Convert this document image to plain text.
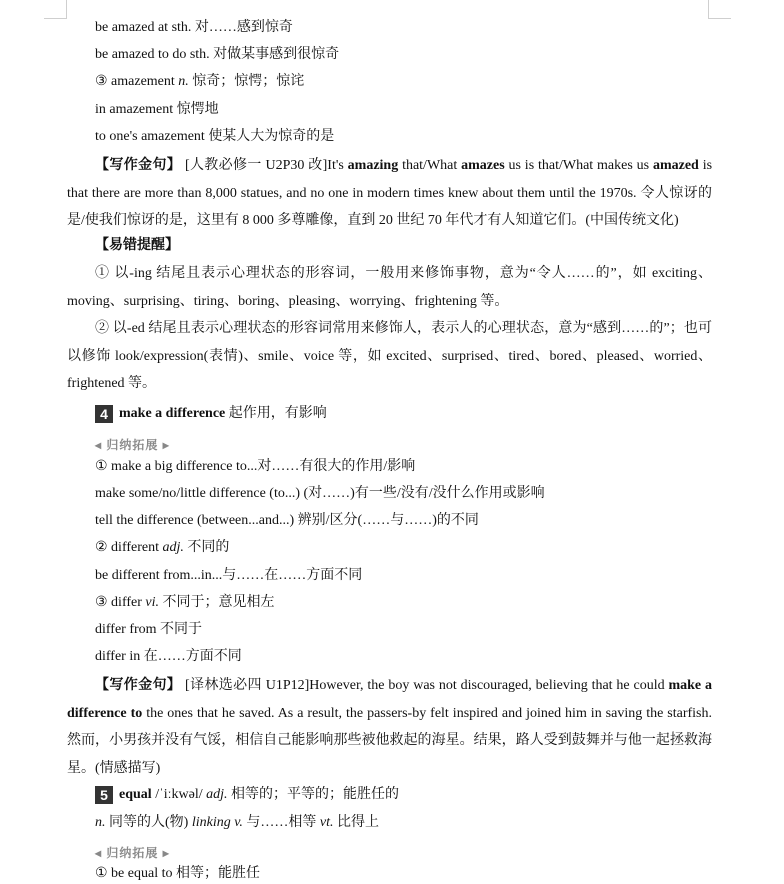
be amazed at sth. 对……感到惊奇
be amazed to do sth. 对做某事感到很惊奇
③ amazement n. 惊奇；惊愕；惊诧
in amazement 惊愕地
to one's amazement 使某人大为惊奇的是
【写作金句】 [人教必修一 U2P30 改]It's amazing that/What amazes us is that/What makes us amazed is that there are more than 8,000 statues, and no one in modern times knew about them until the 1970s. 令人惊讶的是/使我们惊讶的是，这里有 8 000 多尊雕像，直到 20 世纪 70 年代才有人知道它们。(中国传统文化)
【易错提醒】
① 以-ing 结尾且表示心理状态的形容词，一般用来修饰事物，意为“令人……的”，如 exciting、moving、surprising、tiring、boring、pleasing、worrying、frightening 等。
② 以-ed 结尾且表示心理状态的形容词常用来修饰人，表示人的心理状态，意为“感到……的”；也可以修饰 look/expression(表情)、smile、voice 等，如 excited、surprised、tired、bored、pleased、worried、frightened 等。
4 make a difference 起作用，有影响
◂ 归纳拓展 ▸
① make a big difference to...对……有很大的作用/影响
make some/no/little difference (to...) (对……)有一些/没有/没什么作用或影响
tell the difference (between...and...) 辨别/区分(……与……)的不同
② different adj. 不同的
be different from...in...与……在……方面不同
③ differ vi. 不同于；意见相左
differ from 不同于
differ in 在……方面不同
【写作金句】 [译林选必四 U1P12]However, the boy was not discouraged, believing that he could make a difference to the ones that he saved. As a result, the passers-by felt inspired and joined him in saving the starfish. 然而，小男孩并没有气馁，相信自己能影响那些被他救起的海星。结果，路人受到鼓舞并与他一起拯救海星。(情感描写)
5 equal /ˈiːkwəl/ adj. 相等的；平等的；能胜任的
n. 同等的人(物) linking v. 与……相等 vt. 比得上
◂ 归纳拓展 ▸
① be equal to 相等；能胜任
